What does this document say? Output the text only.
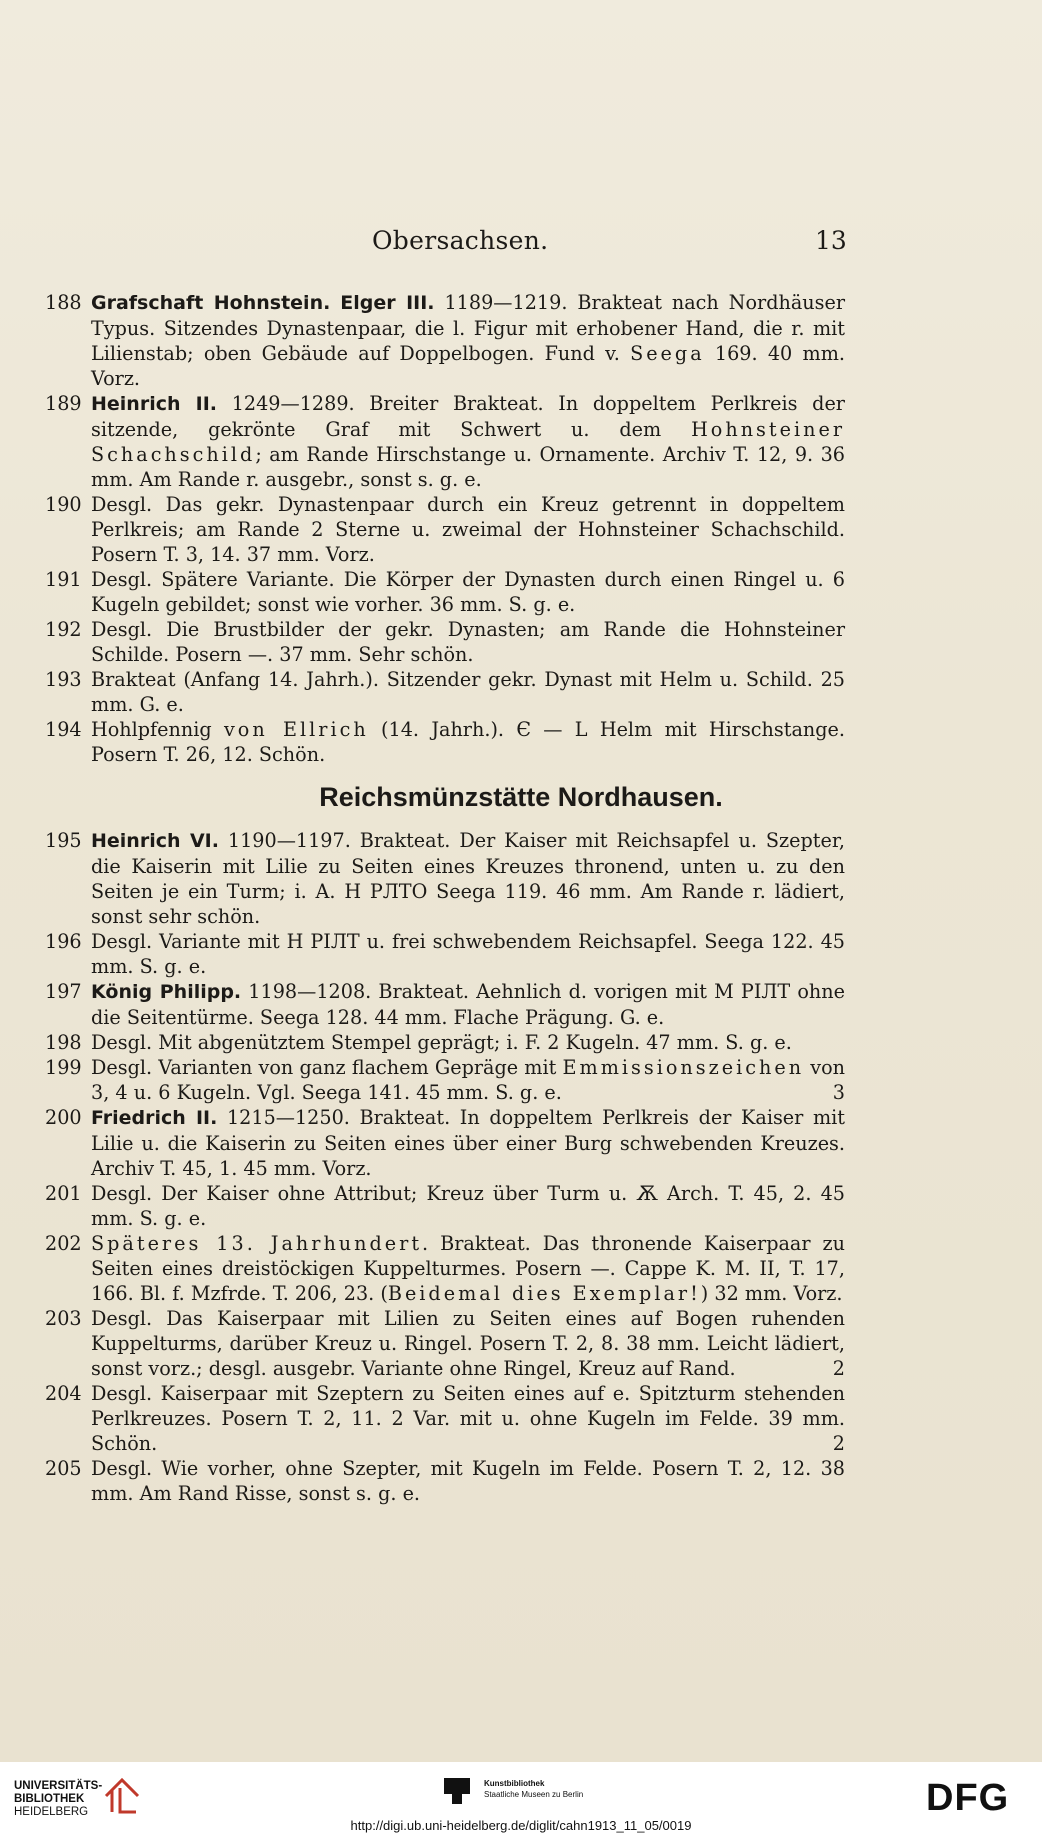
Obersachsen.	13
188 Grafschaft Hohnstein. Elger III. 1189—1219. Brakteat nach Nordhäuser Typus. Sitzendes Dynastenpaar, die l. Figur mit erhobener Hand, die r. mit Lilienstab; oben Gebäude auf Doppelbogen. Fund v. Seega 169. 40 mm. Vorz.
189 Heinrich II. 1249—1289. Breiter Brakteat. In doppeltem Perlkreis der sitzende, gekrönte Graf mit Schwert u. dem Hohnsteiner Schachschild; am Rande Hirschstange u. Ornamente. Archiv T. 12, 9. 36 mm. Am Rande r. ausgebr., sonst s. g. e.
190 Desgl. Das gekr. Dynastenpaar durch ein Kreuz getrennt in doppeltem Perlkreis; am Rande 2 Sterne u. zweimal der Hohnsteiner Schachschild. Posern T. 3, 14. 37 mm. Vorz.
191 Desgl. Spätere Variante. Die Körper der Dynasten durch einen Ringel u. 6 Kugeln gebildet; sonst wie vorher. 36 mm. S. g. e.
192 Desgl. Die Brustbilder der gekr. Dynasten; am Rande die Hohnsteiner Schilde. Posern —. 37 mm. Sehr schön.
193 Brakteat (Anfang 14. Jahrh.). Sitzender gekr. Dynast mit Helm u. Schild. 25 mm. G. e.
194 Hohlpfennig von Ellrich (14. Jahrh.). Є — L Helm mit Hirschstange. Posern T. 26, 12. Schön.
Reichsmünzstätte Nordhausen.
195 Heinrich VI. 1190—1197. Brakteat. Der Kaiser mit Reichsapfel u. Szepter, die Kaiserin mit Lilie zu Seiten eines Kreuzes thronend, unten u. zu den Seiten je ein Turm; i. A. H PЛTO Seega 119. 46 mm. Am Rande r. lädiert, sonst sehr schön.
196 Desgl. Variante mit H PIЛT u. frei schwebendem Reichsapfel. Seega 122. 45 mm. S. g. e.
197 König Philipp. 1198—1208. Brakteat. Aehnlich d. vorigen mit M PIЛT ohne die Seitentürme. Seega 128. 44 mm. Flache Prägung. G. e.
198 Desgl. Mit abgenütztem Stempel geprägt; i. F. 2 Kugeln. 47 mm. S. g. e.
199 Desgl. Varianten von ganz flachem Gepräge mit Emmissionszeichen von 3, 4 u. 6 Kugeln. Vgl. Seega 141. 45 mm. S. g. e.	3
200 Friedrich II. 1215—1250. Brakteat. In doppeltem Perlkreis der Kaiser mit Lilie u. die Kaiserin zu Seiten eines über einer Burg schwebenden Kreuzes. Archiv T. 45, 1. 45 mm. Vorz.
201 Desgl. Der Kaiser ohne Attribut; Kreuz über Turm u. Ѫ Arch. T. 45, 2. 45 mm. S. g. e.
202 Späteres 13. Jahrhundert. Brakteat. Das thronende Kaiserpaar zu Seiten eines dreistöckigen Kuppelturmes. Posern —. Cappe K. M. II, T. 17, 166. Bl. f. Mzfrde. T. 206, 23. (Beidemal dies Exemplar!) 32 mm. Vorz.
203 Desgl. Das Kaiserpaar mit Lilien zu Seiten eines auf Bogen ruhenden Kuppelturms, darüber Kreuz u. Ringel. Posern T. 2, 8. 38 mm. Leicht lädiert, sonst vorz.; desgl. ausgebr. Variante ohne Ringel, Kreuz auf Rand.	2
204 Desgl. Kaiserpaar mit Szeptern zu Seiten eines auf e. Spitzturm stehenden Perlkreuzes. Posern T. 2, 11. 2 Var. mit u. ohne Kugeln im Felde. 39 mm. Schön.	2
205 Desgl. Wie vorher, ohne Szepter, mit Kugeln im Felde. Posern T. 2, 12. 38 mm. Am Rand Risse, sonst s. g. e.
UNIVERSITÄTS-
BIBLIOTHEK
HEIDELBERG
Kunstbibliothek
Staatliche Museen zu Berlin	DFG
http://digi.ub.uni-heidelberg.de/diglit/cahn1913_11_05/0019
